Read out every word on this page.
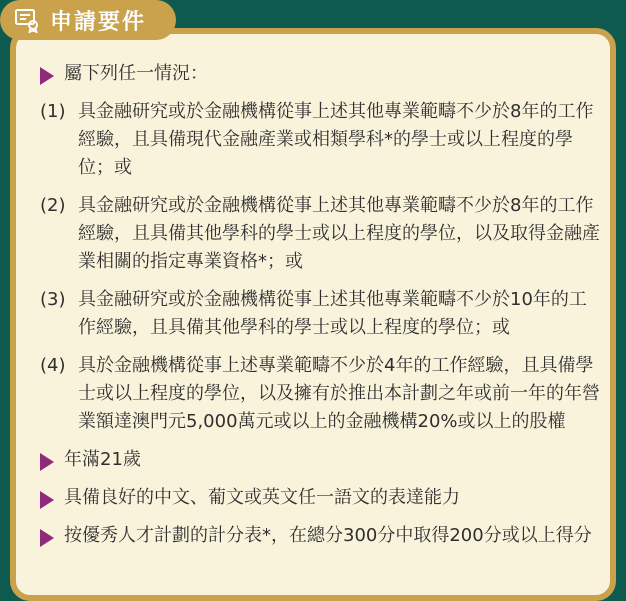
申請要件
屬下列任一情況：
(1) 具金融研究或於金融機構從事上述其他專業範疇不少於8年的工作經驗，且具備現代金融產業或相類學科*的學士或以上程度的學位；或
(2) 具金融研究或於金融機構從事上述其他專業範疇不少於8年的工作經驗，且具備其他學科的學士或以上程度的學位，以及取得金融產業相關的指定專業資格*；或
(3) 具金融研究或於金融機構從事上述其他專業範疇不少於10年的工作經驗，且具備其他學科的學士或以上程度的學位；或
(4) 具於金融機構從事上述專業範疇不少於4年的工作經驗，且具備學士或以上程度的學位，以及擁有於推出本計劃之年或前一年的年營業額達澳門元5,000萬元或以上的金融機構20%或以上的股權
年滿21歲
具備良好的中文、葡文或英文任一語文的表達能力
按優秀人才計劃的計分表*，在總分300分中取得200分或以上得分
